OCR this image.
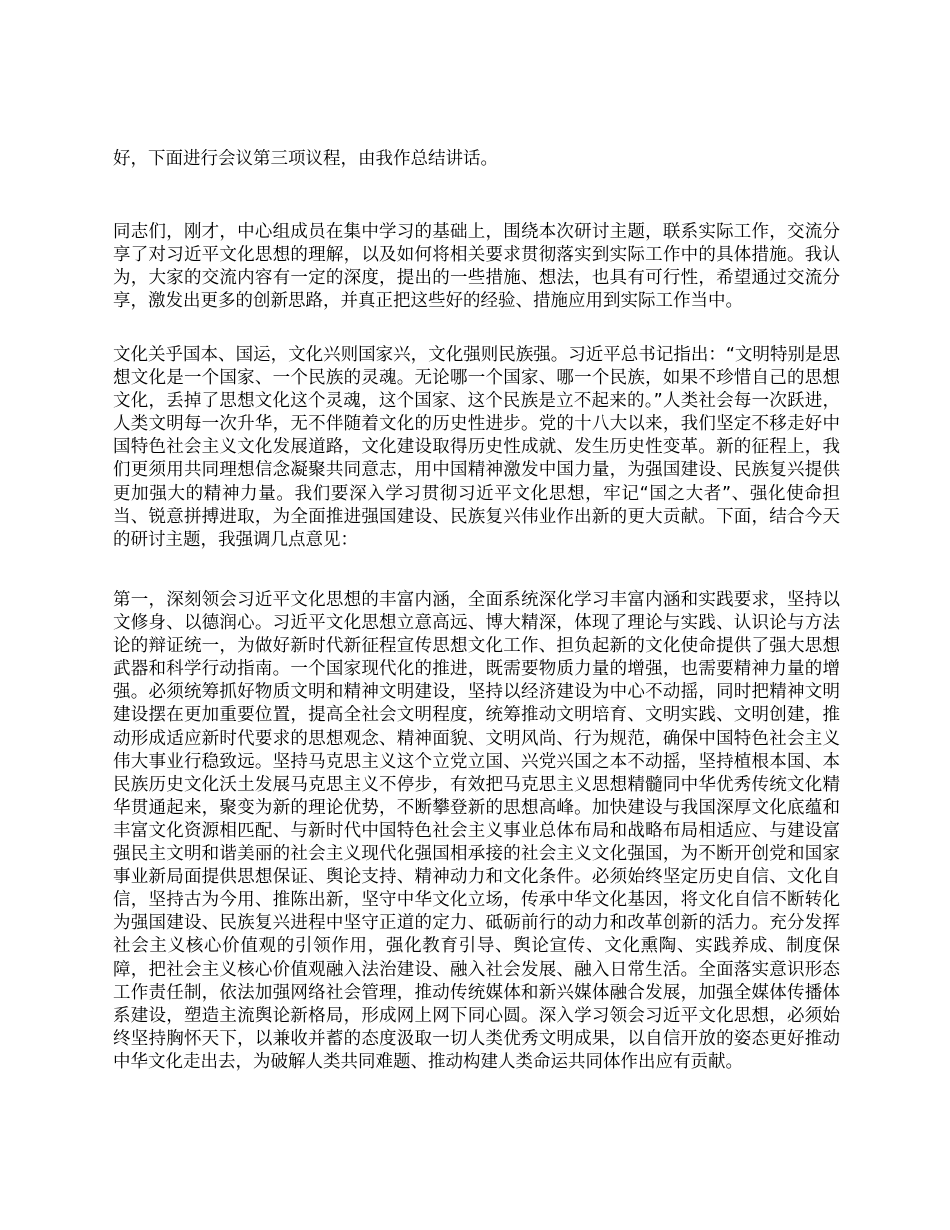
好，下面进行会议第三项议程，由我作总结讲话。

同志们，刚才，中心组成员在集中学习的基础上，围绕本次研讨主题，联系实际工作，交流分享了对习近平文化思想的理解，以及如何将相关要求贯彻落实到实际工作中的具体措施。我认为，大家的交流内容有一定的深度，提出的一些措施、想法，也具有可行性，希望通过交流分享，激发出更多的创新思路，并真正把这些好的经验、措施应用到实际工作当中。

文化关乎国本、国运，文化兴则国家兴，文化强则民族强。习近平总书记指出：“文明特别是思想文化是一个国家、一个民族的灵魂。无论哪一个国家、哪一个民族，如果不珍惜自己的思想文化，丢掉了思想文化这个灵魂，这个国家、这个民族是立不起来的。”人类社会每一次跃进，人类文明每一次升华，无不伴随着文化的历史性进步。党的十八大以来，我们坚定不移走好中国特色社会主义文化发展道路，文化建设取得历史性成就、发生历史性变革。新的征程上，我们更须用共同理想信念凝聚共同意志，用中国精神激发中国力量，为强国建设、民族复兴提供更加强大的精神力量。我们要深入学习贯彻习近平文化思想，牢记“国之大者”、强化使命担当、锐意拼搏进取，为全面推进强国建设、民族复兴伟业作出新的更大贡献。下面，结合今天的研讨主题，我强调几点意见：

第一，深刻领会习近平文化思想的丰富内涵，全面系统深化学习丰富内涵和实践要求，坚持以文修身、以德润心。习近平文化思想立意高远、博大精深，体现了理论与实践、认识论与方法论的辩证统一，为做好新时代新征程宣传思想文化工作、担负起新的文化使命提供了强大思想武器和科学行动指南。一个国家现代化的推进，既需要物质力量的增强，也需要精神力量的增强。必须统筹抓好物质文明和精神文明建设，坚持以经济建设为中心不动摇，同时把精神文明建设摆在更加重要位置，提高全社会文明程度，统筹推动文明培育、文明实践、文明创建，推动形成适应新时代要求的思想观念、精神面貌、文明风尚、行为规范，确保中国特色社会主义伟大事业行稳致远。坚持马克思主义这个立党立国、兴党兴国之本不动摇，坚持植根本国、本民族历史文化沃土发展马克思主义不停步，有效把马克思主义思想精髓同中华优秀传统文化精华贯通起来，聚变为新的理论优势，不断攀登新的思想高峰。加快建设与我国深厚文化底蕴和丰富文化资源相匹配、与新时代中国特色社会主义事业总体布局和战略布局相适应、与建设富强民主文明和谐美丽的社会主义现代化强国相承接的社会主义文化强国，为不断开创党和国家事业新局面提供思想保证、舆论支持、精神动力和文化条件。必须始终坚定历史自信、文化自信，坚持古为今用、推陈出新，坚守中华文化立场，传承中华文化基因，将文化自信不断转化为强国建设、民族复兴进程中坚守正道的定力、砥砺前行的动力和改革创新的活力。充分发挥社会主义核心价值观的引领作用，强化教育引导、舆论宣传、文化熏陶、实践养成、制度保障，把社会主义核心价值观融入法治建设、融入社会发展、融入日常生活。全面落实意识形态工作责任制，依法加强网络社会管理，推动传统媒体和新兴媒体融合发展，加强全媒体传播体系建设，塑造主流舆论新格局，形成网上网下同心圆。深入学习领会习近平文化思想，必须始终坚持胸怀天下，以兼收并蓄的态度汲取一切人类优秀文明成果，以自信开放的姿态更好推动中华文化走出去，为破解人类共同难题、推动构建人类命运共同体作出应有贡献。
